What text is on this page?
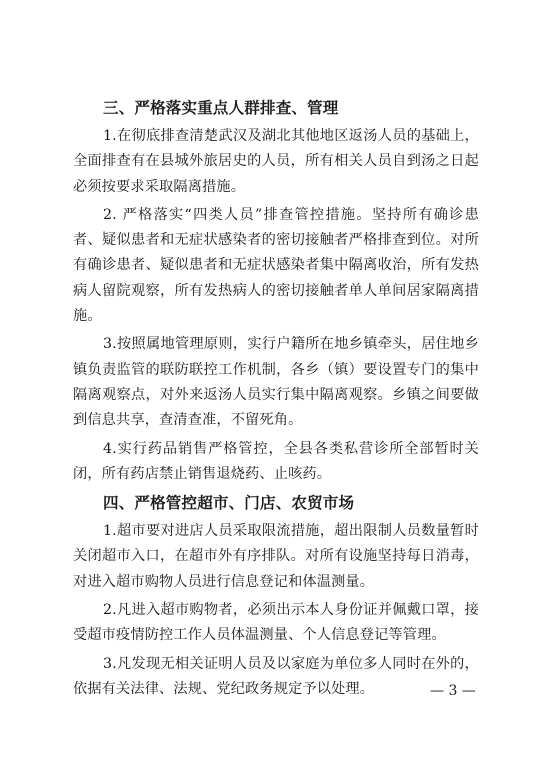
三、严格落实重点人群排查、管理

1.在彻底排查清楚武汉及湖北其他地区返汤人员的基础上，全面排查有在县城外旅居史的人员，所有相关人员自到汤之日起必须按要求采取隔离措施。

2. 严格落实“四类人员”排查管控措施。坚持所有确诊患者、疑似患者和无症状感染者的密切接触者严格排查到位。对所有确诊患者、疑似患者和无症状感染者集中隔离收治，所有发热病人留院观察，所有发热病人的密切接触者单人单间居家隔离措施。

3.按照属地管理原则，实行户籍所在地乡镇牵头，居住地乡镇负责监管的联防联控工作机制，各乡（镇）要设置专门的集中隔离观察点，对外来返汤人员实行集中隔离观察。乡镇之间要做到信息共享，查清查准，不留死角。

4.实行药品销售严格管控，全县各类私营诊所全部暂时关闭，所有药店禁止销售退烧药、止咳药。

四、严格管控超市、门店、农贸市场

1.超市要对进店人员采取限流措施，超出限制人员数量暂时关闭超市入口，在超市外有序排队。对所有设施坚持每日消毒，对进入超市购物人员进行信息登记和体温测量。

2.凡进入超市购物者，必须出示本人身份证并佩戴口罩，接受超市疫情防控工作人员体温测量、个人信息登记等管理。

3.凡发现无相关证明人员及以家庭为单位多人同时在外的，依据有关法律、法规、党纪政务规定予以处理。	— 3 —
